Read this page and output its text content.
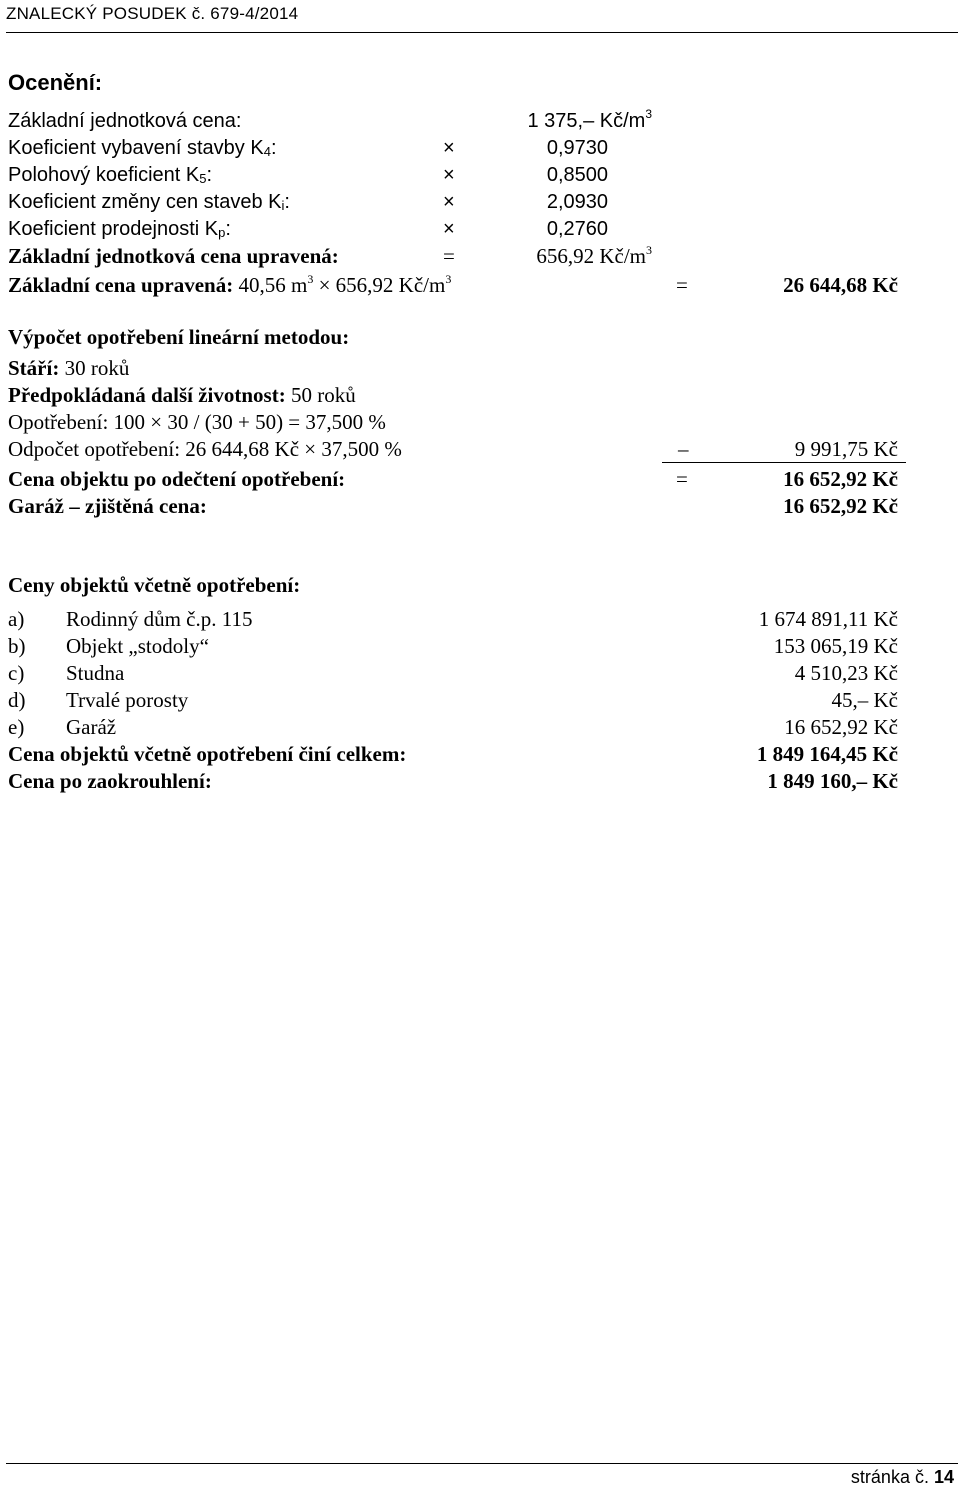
ZNALECKÝ POSUDEK č. 679-4/2014
Ocenění:
Základní jednotková cena:	1 375,– $Kč/m^3$
Koeficient vybavení stavby $K_4$:	×	0,9730
Polohový koeficient $K_5$:	×	0,8500
Koeficient změny cen staveb $K_i$:	×	2,0930
Koeficient prodejnosti $K_p$:	×	0,2760
Základní jednotková cena upravená:	=	656,92 $Kč/m^3$
Základní cena upravená: 40,56 $m^3 \times 656,92$ $Kč/m^3$	=	26 644,68 Kč
Výpočet opotřebení lineární metodou:
Stáří: 30 roků
Předpokládaná další životnost: 50 roků
Opotřebení: 100 × 30 / (30 + 50) = 37,500 %
Odpočet opotřebení: 26 644,68 Kč × 37,500 %	–	9 991,75 Kč
Cena objektu po odečtení opotřebení:	=	16 652,92 Kč
Garáž – zjištěná cena:	16 652,92 Kč
Ceny objektů včetně opotřebení:
a) Rodinný dům č.p. 115	1 674 891,11 Kč
b) Objekt „stodoly“	153 065,19 Kč
c) Studna	4 510,23 Kč
d) Trvalé porosty	45,– Kč
e) Garáž	16 652,92 Kč
Cena objektů včetně opotřebení činí celkem:	1 849 164,45 Kč
Cena po zaokrouhlení:	1 849 160,– Kč
stránka č. 14
